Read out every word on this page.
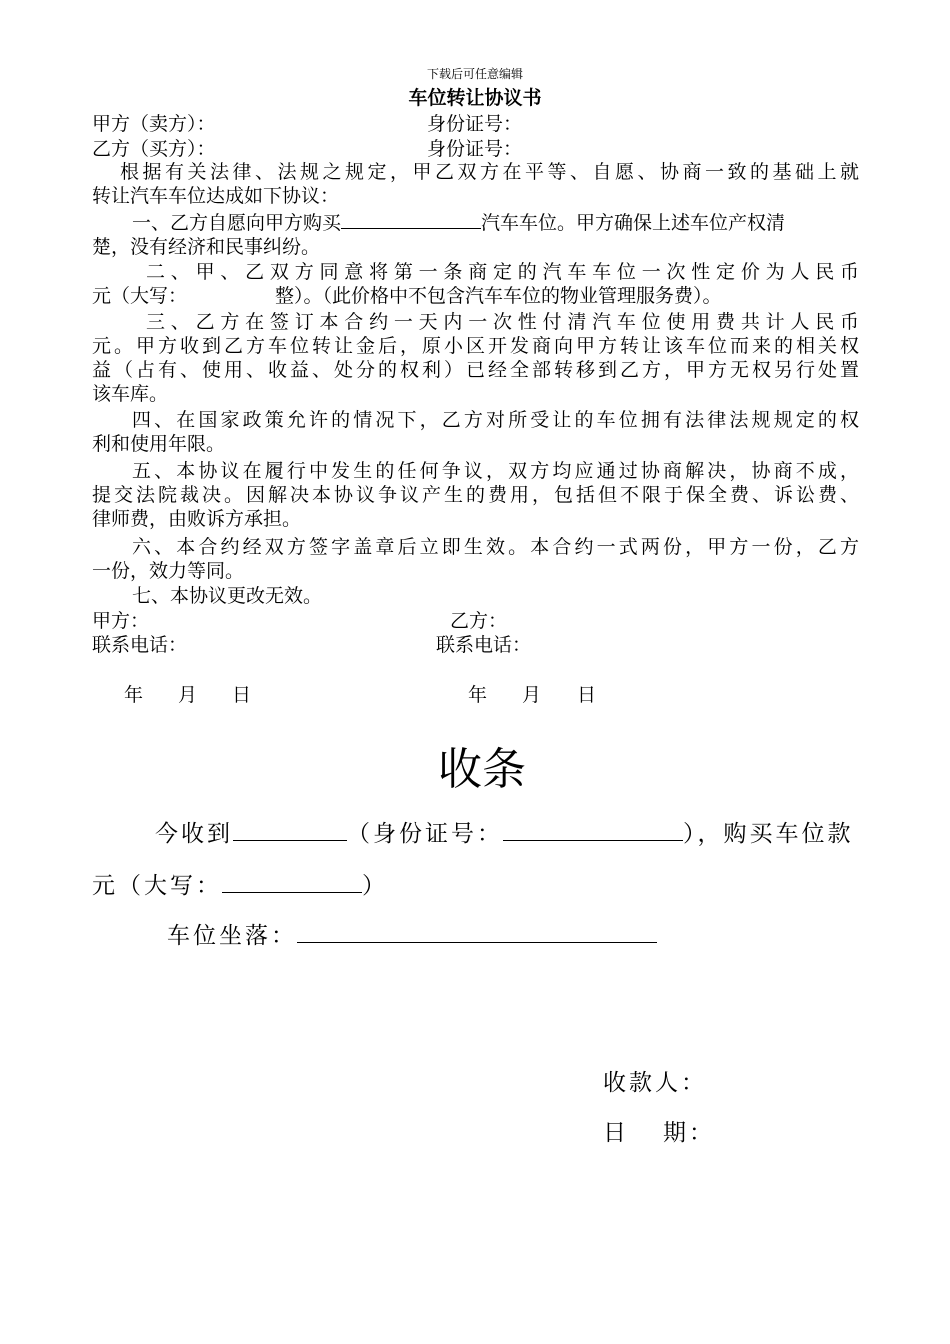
下载后可任意编辑
车位转让协议书
甲方（卖方）：	身份证号：
乙方（买方）：	身份证号：
根据有关法律、法规之规定，甲乙双方在平等、自愿、协商一致的基础上就
转让汽车车位达成如下协议：
一、乙方自愿向甲方购买	汽车车位。甲方确保上述车位产权清
楚，没有经济和民事纠纷。
二、甲、乙双方同意将第一条商定的汽车车位一次性定价为人民币
元（大写：	整）。（此价格中不包含汽车车位的物业管理服务费）。
三、乙方在签订本合约一天内一次性付清汽车位使用费共计人民币
元。甲方收到乙方车位转让金后，原小区开发商向甲方转让该车位而来的相关权
益（占有、使用、收益、处分的权利）已经全部转移到乙方，甲方无权另行处置
该车库。
四、在国家政策允许的情况下，乙方对所受让的车位拥有法律法规规定的权
利和使用年限。
五、本协议在履行中发生的任何争议，双方均应通过协商解决，协商不成，
提交法院裁决。因解决本协议争议产生的费用，包括但不限于保全费、诉讼费、
律师费，由败诉方承担。
六、本合约经双方签字盖章后立即生效。本合约一式两份，甲方一份，乙方
一份，效力等同。
七、本协议更改无效。
甲方：	乙方：
联系电话：	联系电话：
年 月 日	年 月 日
收条
今收到	（身份证号：	），购买车位款
元（大写：	）
车位坐落：
收款人：
日 期：
